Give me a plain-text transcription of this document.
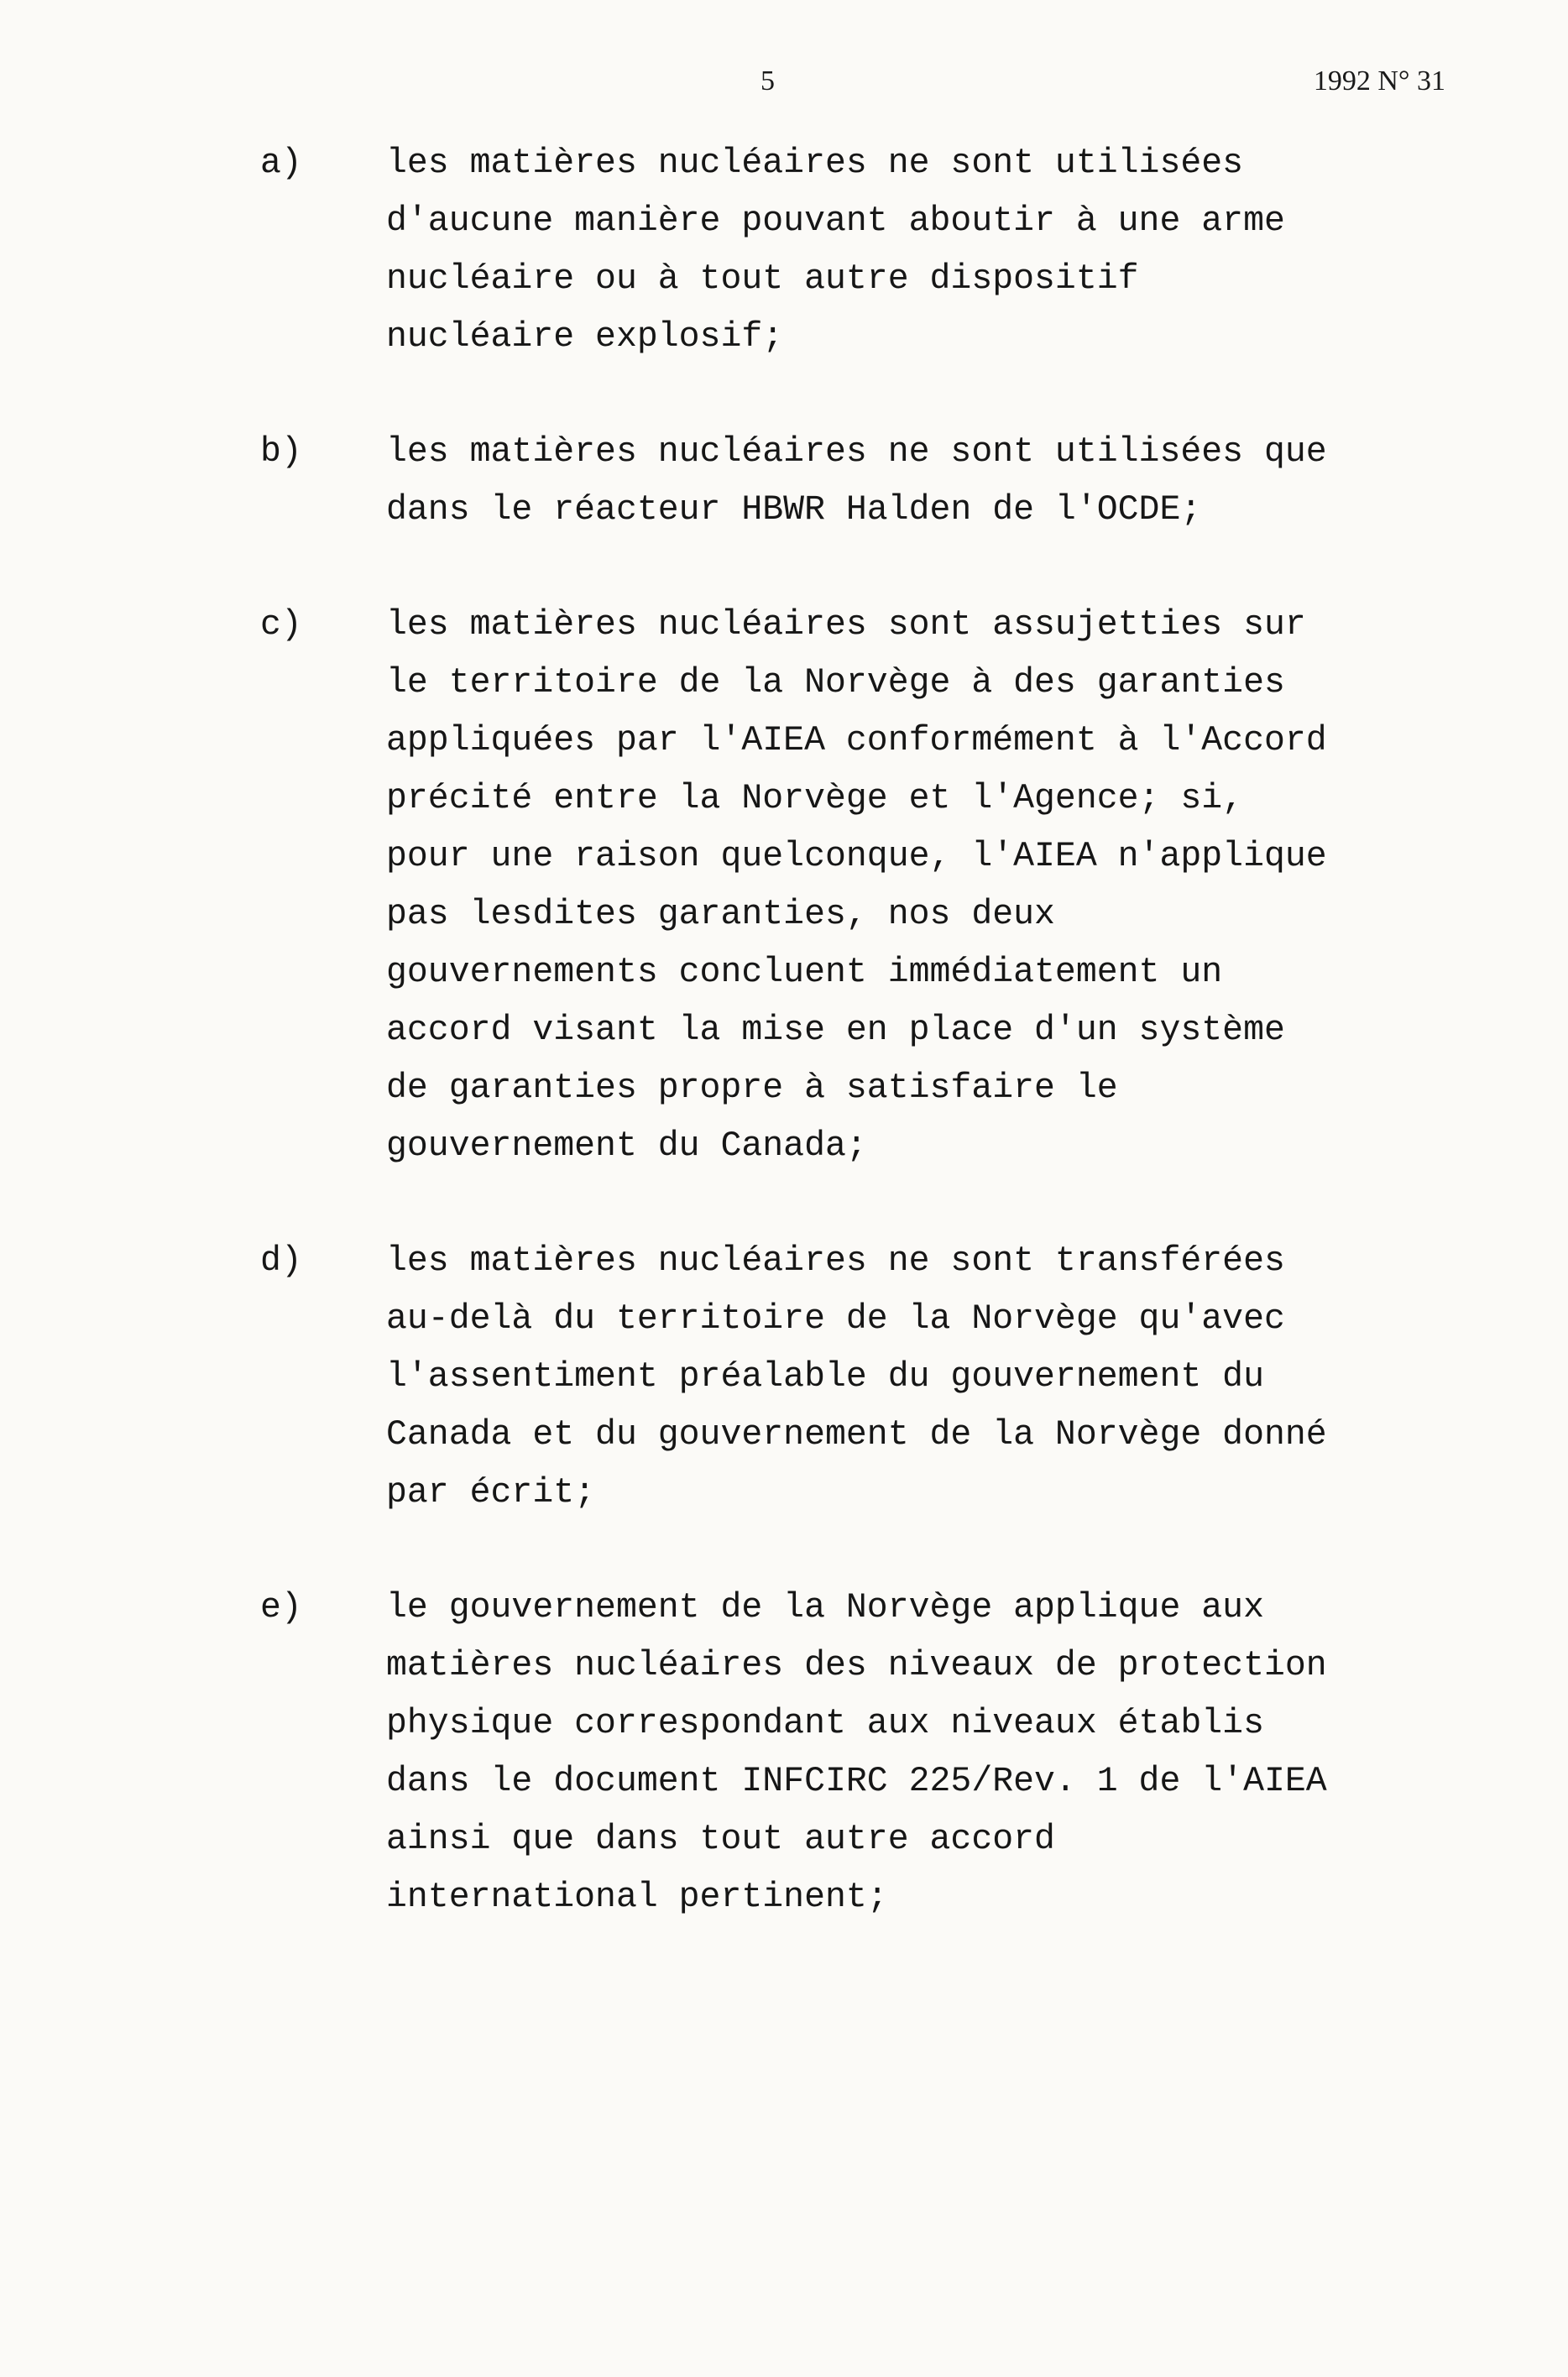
5	1992 N° 31
a)	les matières nucléaires ne sont utilisées
d'aucune manière pouvant aboutir à une arme
nucléaire ou à tout autre dispositif
nucléaire explosif;
b)	les matières nucléaires ne sont utilisées que
dans le réacteur HBWR Halden de l'OCDE;
c)	les matières nucléaires sont assujetties sur
le territoire de la Norvège à des garanties
appliquées par l'AIEA conformément à l'Accord
précité entre la Norvège et l'Agence; si,
pour une raison quelconque, l'AIEA n'applique
pas lesdites garanties, nos deux
gouvernements concluent immédiatement un
accord visant la mise en place d'un système
de garanties propre à satisfaire le
gouvernement du Canada;
d)	les matières nucléaires ne sont transférées
au-delà du territoire de la Norvège qu'avec
l'assentiment préalable du gouvernement du
Canada et du gouvernement de la Norvège donné
par écrit;
e)	le gouvernement de la Norvège applique aux
matières nucléaires des niveaux de protection
physique correspondant aux niveaux établis
dans le document INFCIRC 225/Rev. 1 de l'AIEA
ainsi que dans tout autre accord
international pertinent;
